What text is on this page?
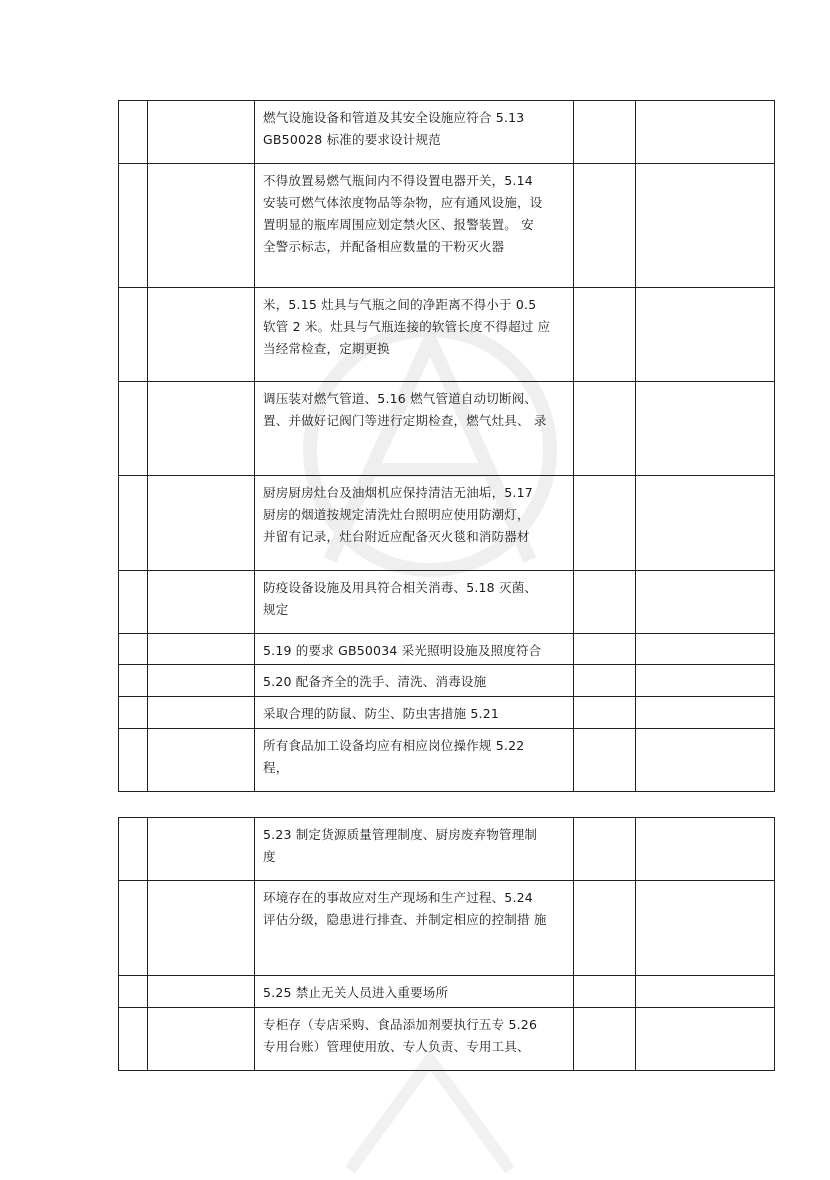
		燃气设施设备和管道及其安全设施应符合 5.13
GB50028 标准的要求设计规范		

		不得放置易燃气瓶间内不得设置电器开关，5.14
安装可燃气体浓度物品等杂物，应有通风设施，设
置明显的瓶库周围应划定禁火区、报警装置。 安
全警示标志，并配备相应数量的干粉灭火器		

		米，5.15 灶具与气瓶之间的净距离不得小于 0.5
软管 2 米。灶具与气瓶连接的软管长度不得超过 应
当经常检查，定期更换		

		调压装对燃气管道、5.16 燃气管道自动切断阀、
置、并做好记阀门等进行定期检查，燃气灶具、 录		

		厨房厨房灶台及油烟机应保持清洁无油垢，5.17
厨房的烟道按规定清洗灶台照明应使用防潮灯，
并留有记录，灶台附近应配备灭火毯和消防器材		

		防疫设备设施及用具符合相关消毒、5.18 灭菌、
规定		

		5.19 的要求 GB50034 采光照明设施及照度符合		

		5.20 配备齐全的洗手、清洗、消毒设施		

		采取合理的防鼠、防尘、防虫害措施 5.21		

		所有食品加工设备均应有相应岗位操作规 5.22
程，		

		5.23 制定货源质量管理制度、厨房废弃物管理制
度		

		环境存在的事故应对生产现场和生产过程、5.24
评估分级，隐患进行排查、并制定相应的控制措 施		

		5.25 禁止无关人员进入重要场所		

		专柜存（专店采购、食品添加剂要执行五专 5.26
专用台账）管理使用放、专人负责、专用工具、		
